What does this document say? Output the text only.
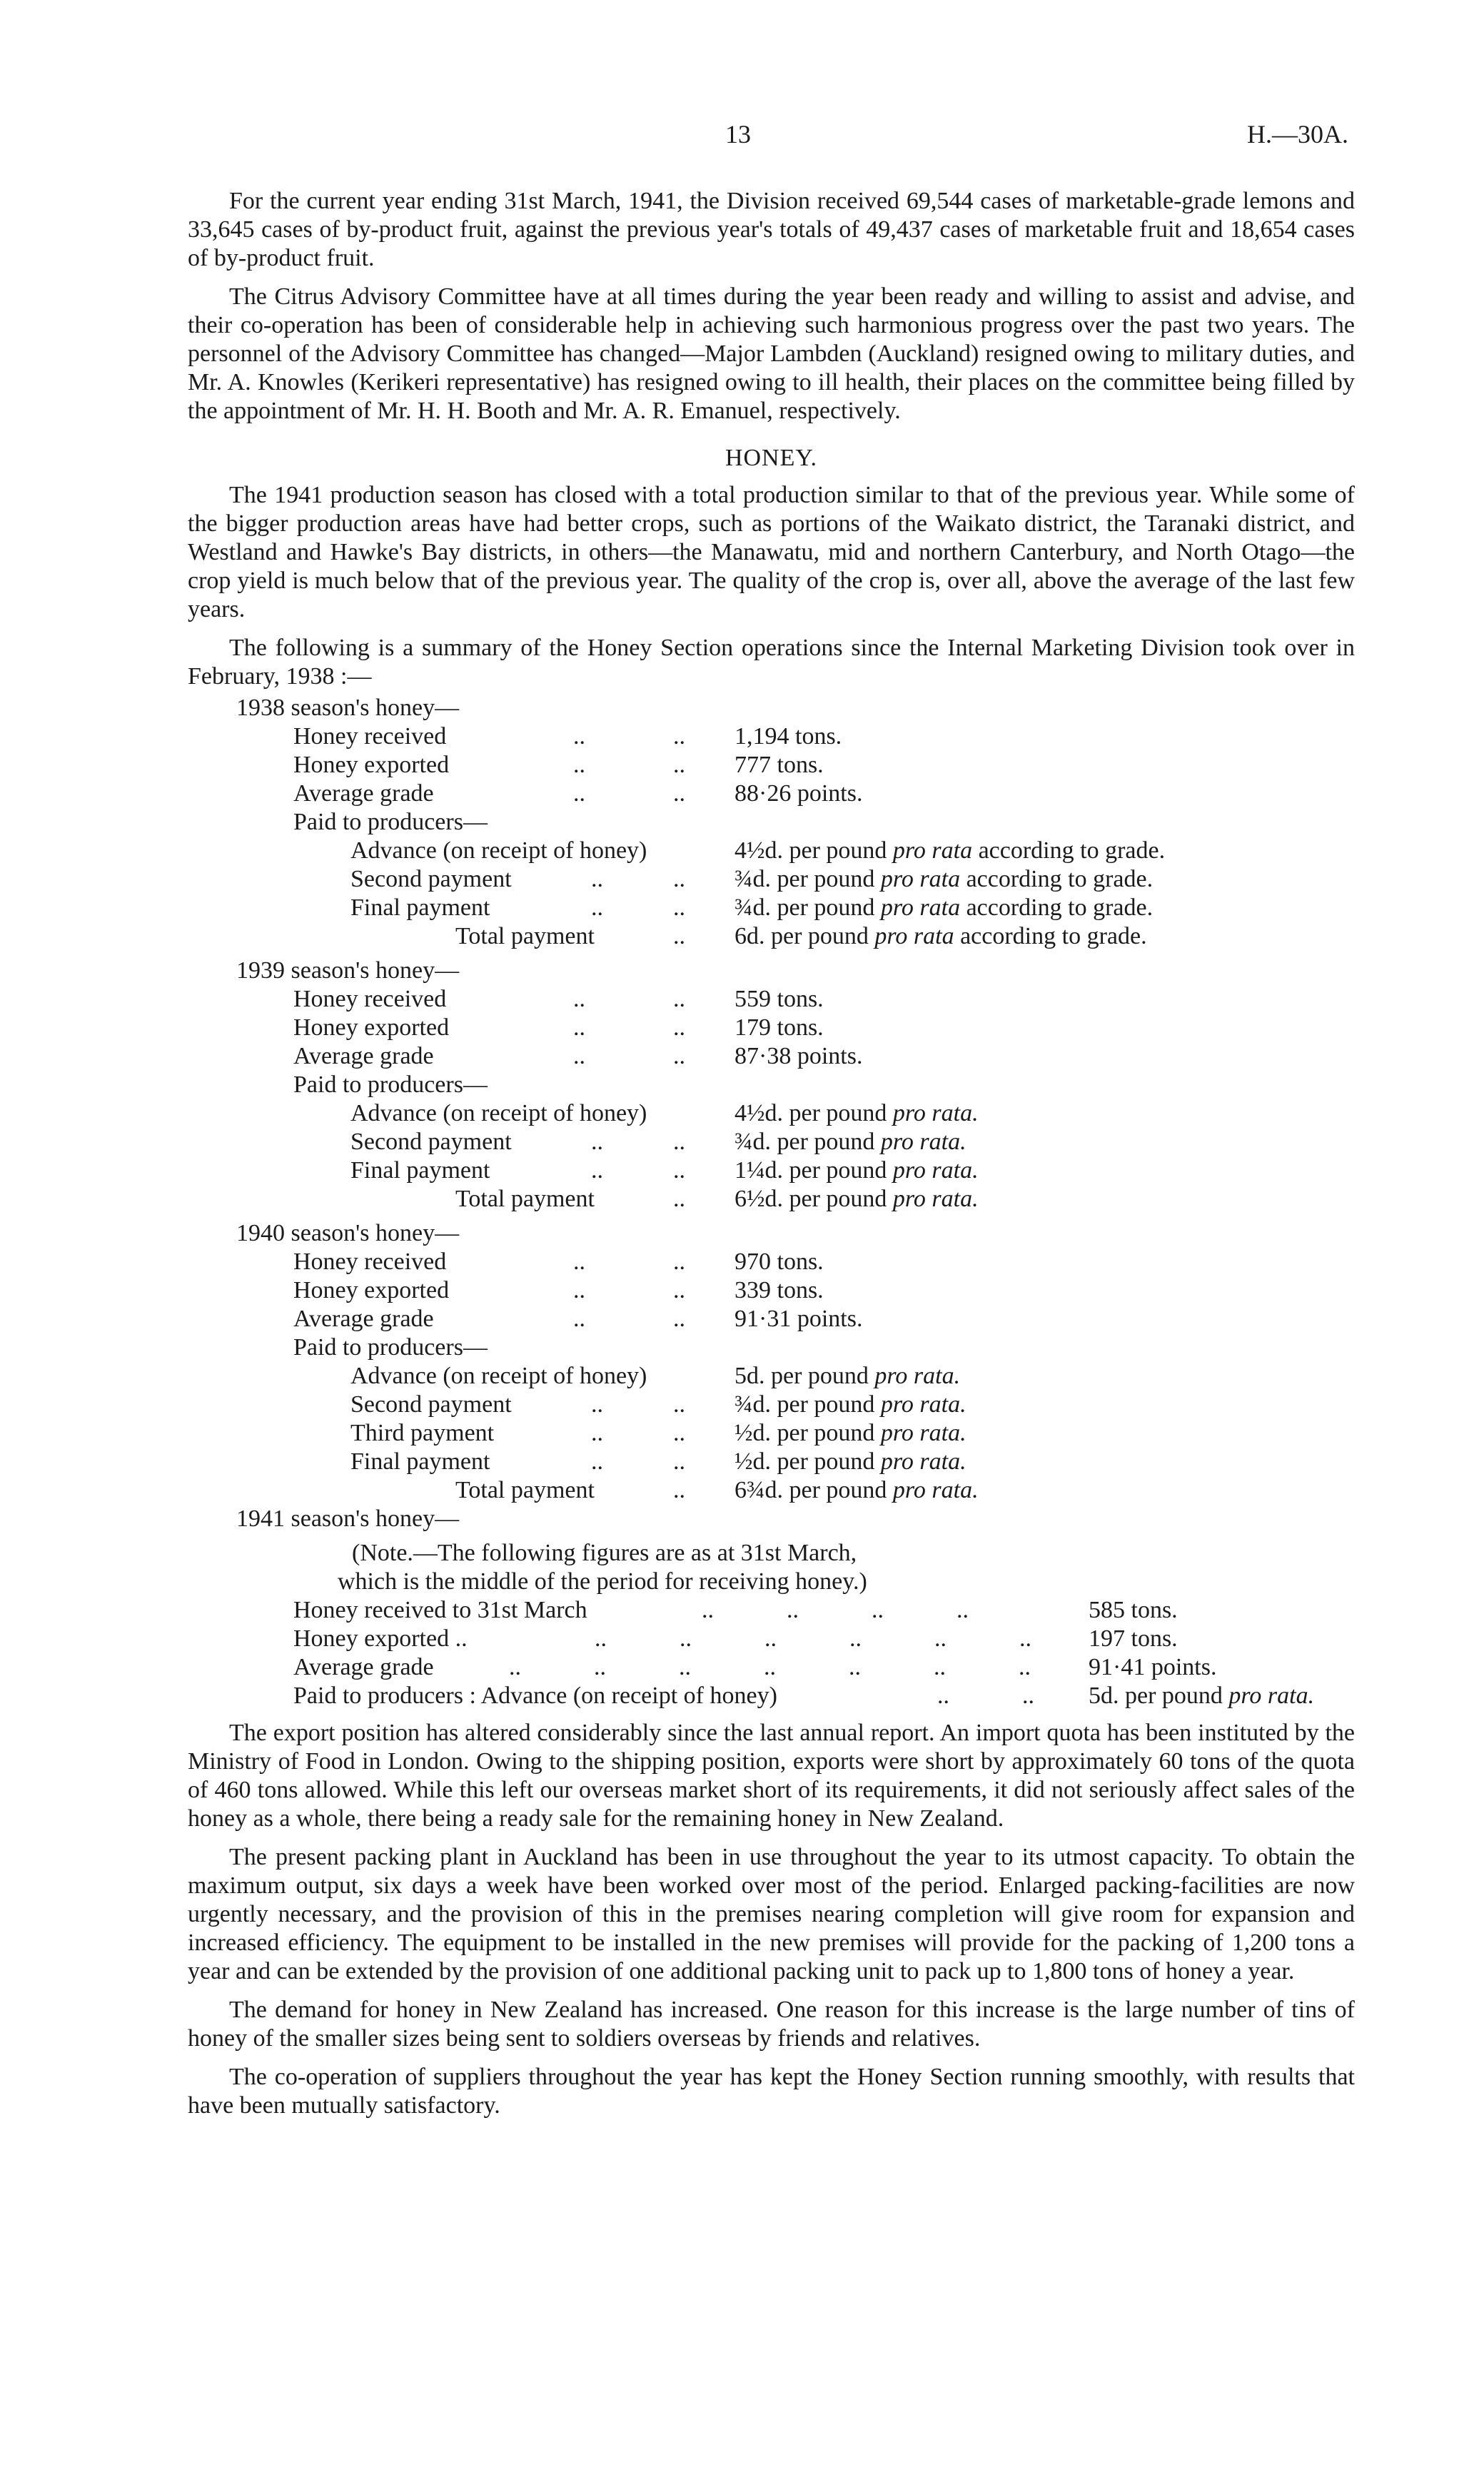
13	H.—30A.

For the current year ending 31st March, 1941, the Division received 69,544 cases of marketable-grade lemons and 33,645 cases of by-product fruit, against the previous year's totals of 49,437 cases of marketable fruit and 18,654 cases of by-product fruit.

The Citrus Advisory Committee have at all times during the year been ready and willing to assist and advise, and their co-operation has been of considerable help in achieving such harmonious progress over the past two years. The personnel of the Advisory Committee has changed—Major Lambden (Auckland) resigned owing to military duties, and Mr. A. Knowles (Kerikeri representative) has resigned owing to ill health, their places on the committee being filled by the appointment of Mr. H. H. Booth and Mr. A. R. Emanuel, respectively.

HONEY.

The 1941 production season has closed with a total production similar to that of the previous year. While some of the bigger production areas have had better crops, such as portions of the Waikato district, the Taranaki district, and Westland and Hawke's Bay districts, in others—the Manawatu, mid and northern Canterbury, and North Otago—the crop yield is much below that of the previous year. The quality of the crop is, over all, above the average of the last few years.

The following is a summary of the Honey Section operations since the Internal Marketing Division took over in February, 1938 :—

1938 season's honey—
Honey received	..	.. 1,194 tons.
Honey exported	..	.. 777 tons.
Average grade	..	.. 88·26 points.
Paid to producers—
Advance (on receipt of honey)	4½d. per pound pro rata according to grade.
Second payment	..	.. ¾d. per pound pro rata according to grade.
Final payment	..	.. ¾d. per pound pro rata according to grade.
Total payment	.. 6d. per pound pro rata according to grade.
1939 season's honey—
Honey received	..	.. 559 tons.
Honey exported	..	.. 179 tons.
Average grade	..	.. 87·38 points.
Paid to producers—
Advance (on receipt of honey)	4½d. per pound pro rata.
Second payment	..	.. ¾d. per pound pro rata.
Final payment	..	.. 1¼d. per pound pro rata.
Total payment	.. 6½d. per pound pro rata.
1940 season's honey—
Honey received	..	.. 970 tons.
Honey exported	..	.. 339 tons.
Average grade	..	.. 91·31 points.
Paid to producers—
Advance (on receipt of honey)	5d. per pound pro rata.
Second payment	..	.. ¾d. per pound pro rata.
Third payment	..	.. ½d. per pound pro rata.
Final payment	..	.. ½d. per pound pro rata.
Total payment	.. 6¾d. per pound pro rata.
1941 season's honey—
(Note.—The following figures are as at 31st March,
which is the middle of the period for receiving honey.)
Honey received to 31st March	..            ..            ..            ..	585 tons.
Honey exported ..	..            ..            ..            ..            ..            .. 197 tons.
Average grade	..            ..            ..            ..            ..            ..            .. 91·41 points.
Paid to producers : Advance (on receipt of honey)	..            .. 5d. per pound pro rata.

The export position has altered considerably since the last annual report. An import quota has been instituted by the Ministry of Food in London. Owing to the shipping position, exports were short by approximately 60 tons of the quota of 460 tons allowed. While this left our overseas market short of its requirements, it did not seriously affect sales of the honey as a whole, there being a ready sale for the remaining honey in New Zealand.

The present packing plant in Auckland has been in use throughout the year to its utmost capacity. To obtain the maximum output, six days a week have been worked over most of the period. Enlarged packing-facilities are now urgently necessary, and the provision of this in the premises nearing completion will give room for expansion and increased efficiency. The equipment to be installed in the new premises will provide for the packing of 1,200 tons a year and can be extended by the provision of one additional packing unit to pack up to 1,800 tons of honey a year.

The demand for honey in New Zealand has increased. One reason for this increase is the large number of tins of honey of the smaller sizes being sent to soldiers overseas by friends and relatives.

The co-operation of suppliers throughout the year has kept the Honey Section running smoothly, with results that have been mutually satisfactory.
